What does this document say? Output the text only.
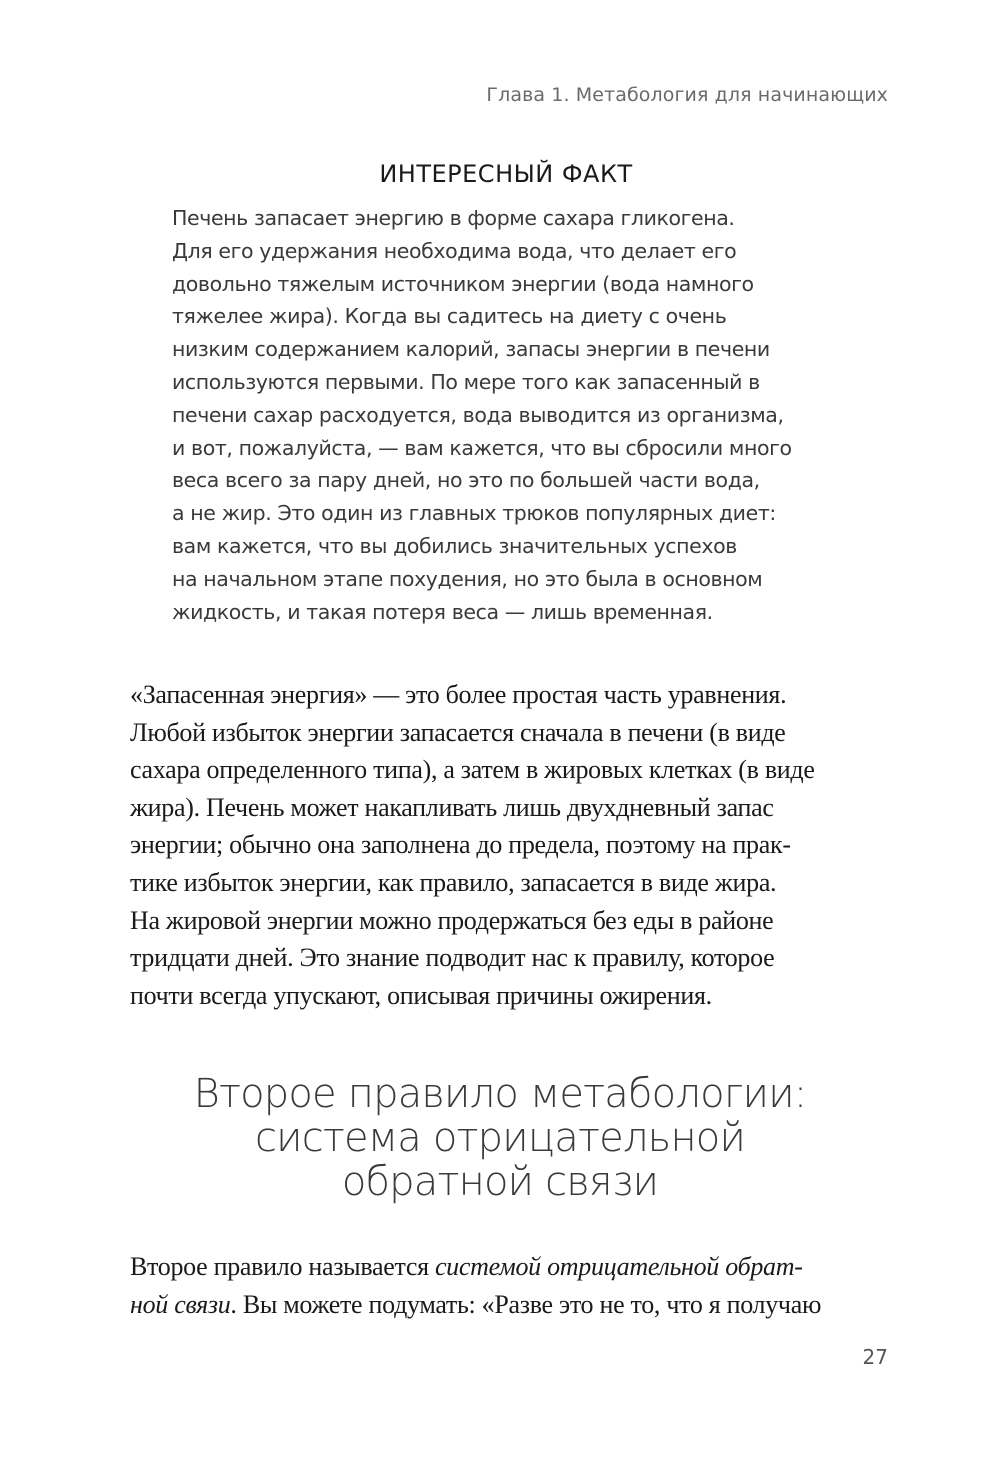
Глава 1. Метабология для начинающих
ИНТЕРЕСНЫЙ ФАКТ
Печень запасает энергию в форме сахара гликогена.
Для его удержания необходима вода, что делает его
довольно тяжелым источником энергии (вода намного
тяжелее жира). Когда вы садитесь на диету с очень
низким содержанием калорий, запасы энергии в печени
используются первыми. По мере того как запасенный в
печени сахар расходуется, вода выводится из организма,
и вот, пожалуйста, — вам кажется, что вы сбросили много
веса всего за пару дней, но это по большей части вода,
а не жир. Это один из главных трюков популярных диет:
вам кажется, что вы добились значительных успехов
на начальном этапе похудения, но это была в основном
жидкость, и такая потеря веса — лишь временная.
«Запасенная энергия» — это более простая часть уравнения.
Любой избыток энергии запасается сначала в печени (в виде
сахара определенного типа), а затем в жировых клетках (в виде
жира). Печень может накапливать лишь двухдневный запас
энергии; обычно она заполнена до предела, поэтому на прак-
тике избыток энергии, как правило, запасается в виде жира.
На жировой энергии можно продержаться без еды в районе
тридцати дней. Это знание подводит нас к правилу, которое
почти всегда упускают, описывая причины ожирения.
Второе правило метабологии:
система отрицательной
обратной связи
Второе правило называется системой отрицательной обрат-
ной связи. Вы можете подумать: «Разве это не то, что я получаю
27
